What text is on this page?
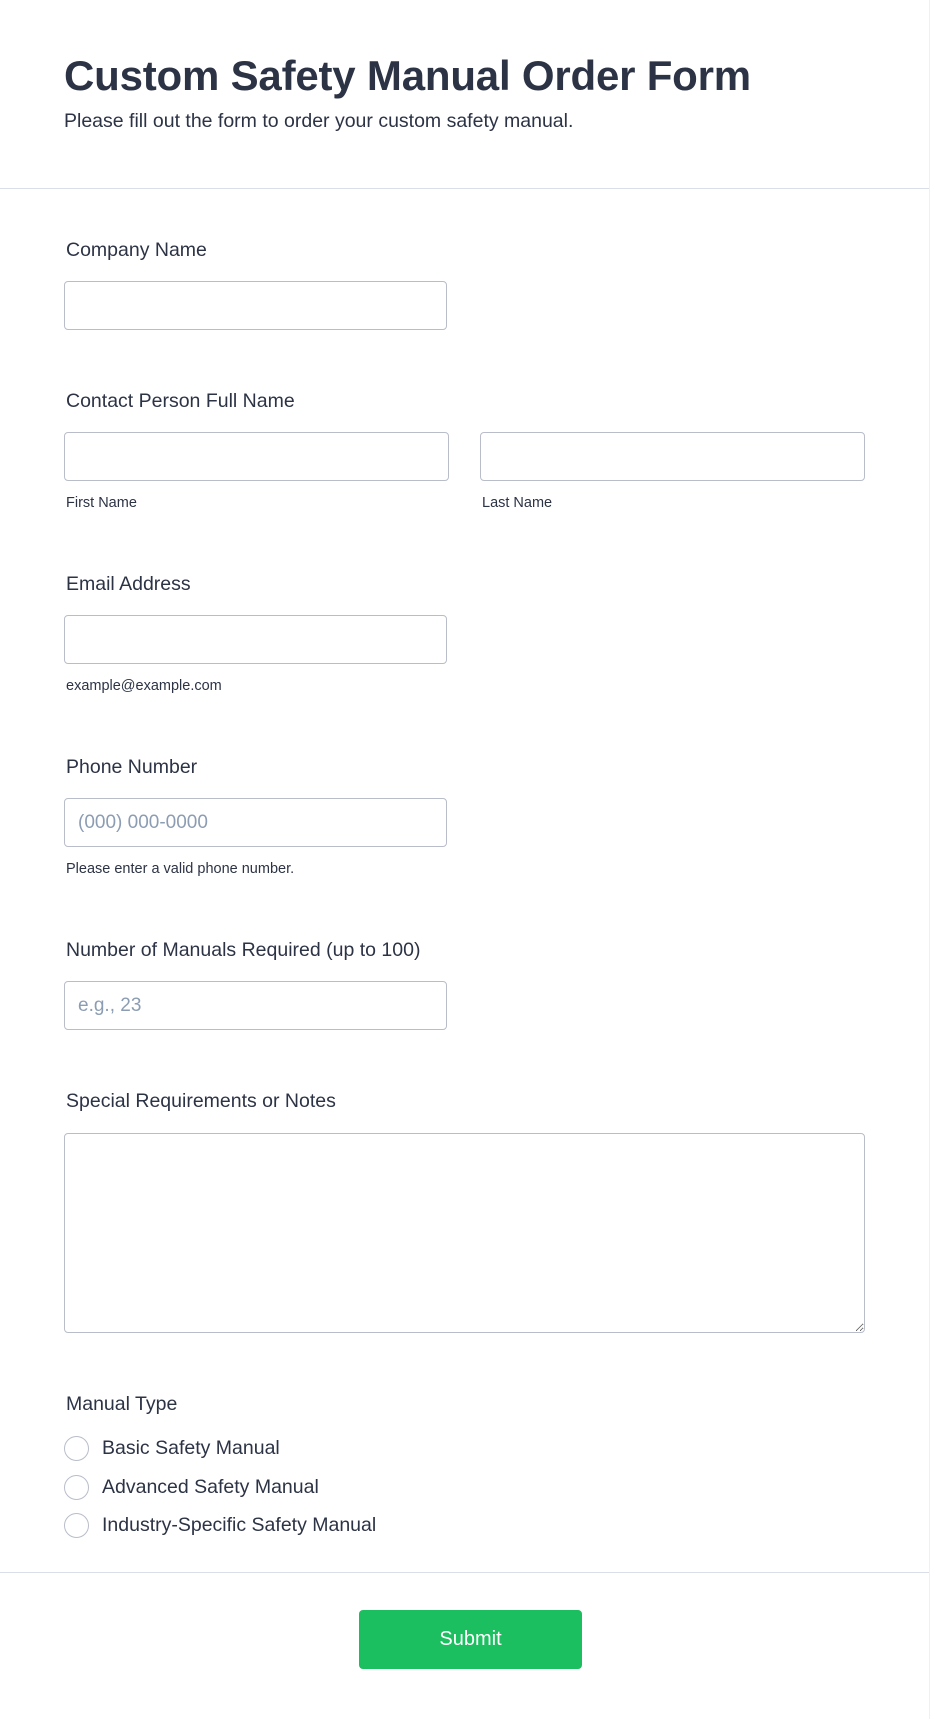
Custom Safety Manual Order Form
Please fill out the form to order your custom safety manual.
Company Name
Contact Person Full Name
First Name	Last Name
Email Address
example@example.com
Phone Number
(000) 000-0000
Please enter a valid phone number.
Number of Manuals Required (up to 100)
e.g., 23
Special Requirements or Notes
Manual Type
Basic Safety Manual
Advanced Safety Manual
Industry-Specific Safety Manual
Submit
